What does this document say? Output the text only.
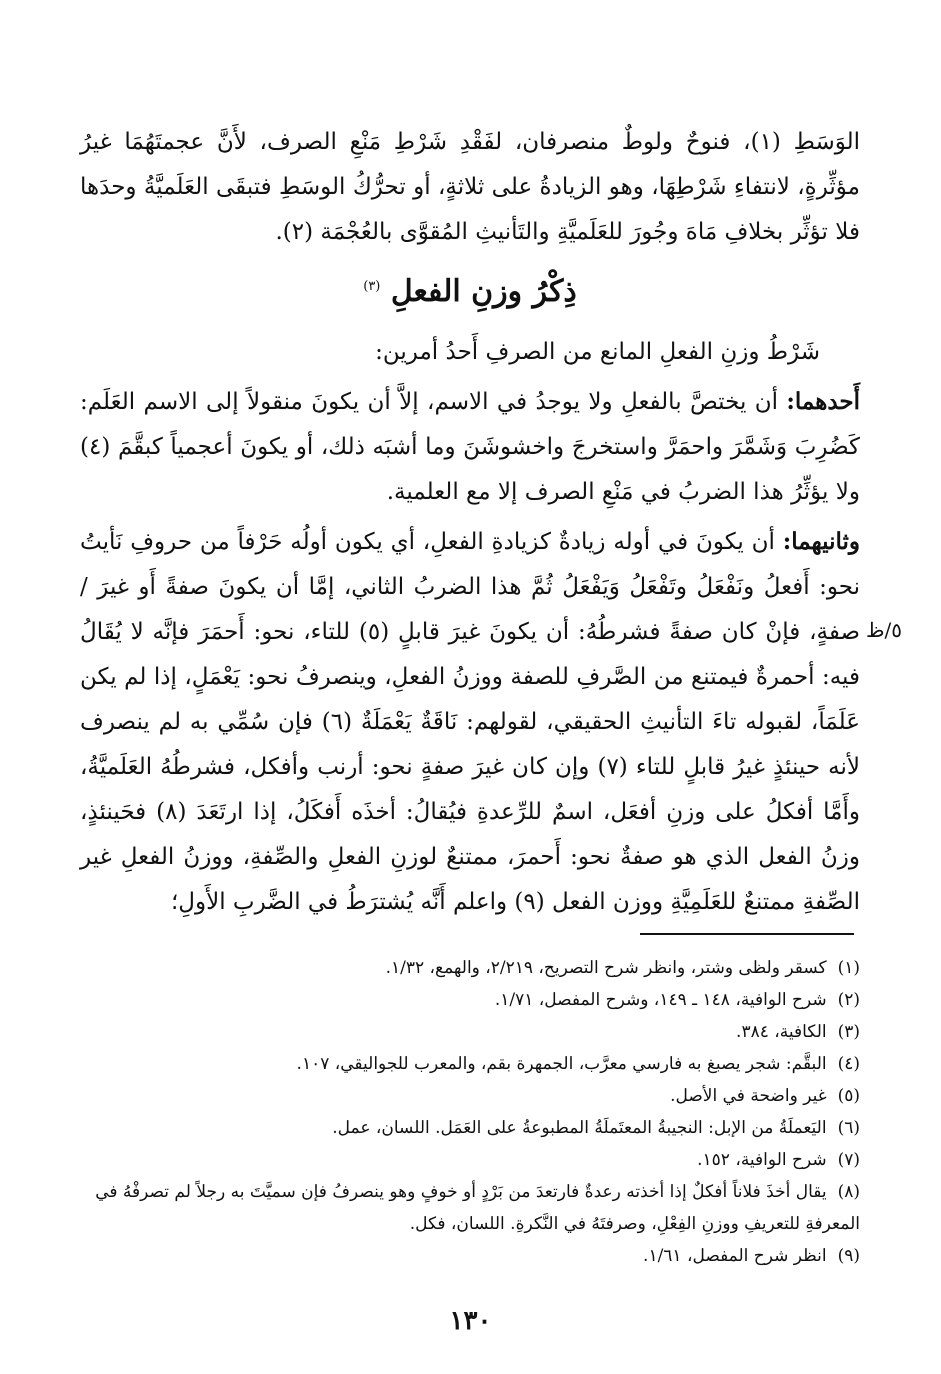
الوَسَطِ (١)، فنوحٌ ولوطٌ منصرفان، لفَقْدِ شَرْطِ مَنْعِ الصرف، لأَنَّ عجمتَهُمَا غيرُ مؤثِّرةٍ، لانتفاءِ شَرْطِهَا، وهو الزيادةُ على ثلاثةٍ، أو تحرُّكُ الوسَطِ فتبقَى العَلَميَّةُ وحدَها فلا تؤثِّر بخلافِ مَاهَ وجُورَ للعَلَميَّةِ والتَأنيثِ المُقوَّى بالعُجْمَة (٢).

ذِكْرُ وزنِ الفعلِ $^{(٣)}$

شَرْطُ وزنِ الفعلِ المانع من الصرفِ أَحدُ أمرين:

أَحدهما: أن يختصَّ بالفعلِ ولا يوجدُ في الاسم، إلاَّ أن يكونَ منقولاً إلى الاسم العَلَم: كَضُرِبَ وَشَمَّرَ واحمَرَّ واستخرجَ واخشوشَنَ وما أشبَه ذلك، أو يكونَ أعجمياً كبقَّمَ (٤) ولا يؤثِّرُ هذا الضربُ في مَنْعِ الصرف إلا مع العلمية.

وثانيهما: أن يكونَ في أوله زيادةٌ كزيادةِ الفعلِ، أي يكون أولُه حَرْفاً من حروفِ نَأيتُ نحو: أَفعلُ ونَفْعَلُ وتَفْعَلُ وَيَفْعَلُ ثُمَّ هذا الضربُ الثاني، إمَّا أن يكونَ صفةً أَو غيرَ / صفةٍ، فإنْ كان صفةً فشرطُهُ: أن يكونَ غيرَ قابلٍ (٥) للتاء، نحو: أَحمَرَ فإنَّه لا يُقَالُ فيه: أحمرةٌ فيمتنع من الصَّرفِ للصفة ووزنُ الفعلِ، وينصرفُ نحو: يَعْمَلٍ، إذا لم يكن عَلَمَاً، لقبوله تاءَ التأنيثِ الحقيقي، لقولهم: نَاقَةٌ يَعْمَلَةٌ (٦) فإن سُمِّي به لم ينصرف لأنه حينئذٍ غيرُ قابلٍ للتاء (٧) وإن كان غيرَ صفةٍ نحو: أرنب وأفكل، فشرطُهُ العَلَميَّةُ، وأَمَّا أفكلُ على وزنِ أفعَل، اسمٌ للرِّعدةِ فيُقالُ: أخذَه أَفكَلُ، إذا ارتَعَدَ (٨) فحَينئذٍ، وزنُ الفعل الذي هو صفةٌ نحو: أَحمرَ، ممتنعٌ لوزنِ الفعلِ والصِّفةِ، ووزنُ الفعلِ غير الصِّفةِ ممتنعٌ للعَلَمِيَّةِ ووزن الفعل (٩) واعلم أَنَّه يُشترَطُ في الضَّربِ الأَولِ؛

٥/ظ

(١) كسقر ولظى وشتر، وانظر شرح التصريح، ٢/٢١٩، والهمع، ١/٣٢.

(٢) شرح الوافية، ١٤٨ ـ ١٤٩، وشرح المفصل، ١/٧١.

(٣) الكافية، ٣٨٤.

(٤) البقَّم: شجر يصبغ به فارسي معرَّب، الجمهرة بقم، والمعرب للجواليقي، ١٠٧.

(٥) غير واضحة في الأصل.

(٦) اليَعملَةُ من الإبل: النجيبةُ المعتَملَةُ المطبوعةُ على العَمَل. اللسان، عمل.

(٧) شرح الوافية، ١٥٢.

(٨) يقال أخذَ فلاناً أفكلٌ إذا أخذته رعدةٌ فارتعدَ من بَرْدٍ أو خوفٍ وهو ينصرفُ فإن سميَّتَ به رجلاً لم تصرفْهُ في المعرفةِ للتعريفِ ووزنِ الفِعْلِ، وصرفتَهُ في النَّكرةِ. اللسان، فكل.

(٩) انظر شرح المفصل، ١/٦١.

١٣٠
